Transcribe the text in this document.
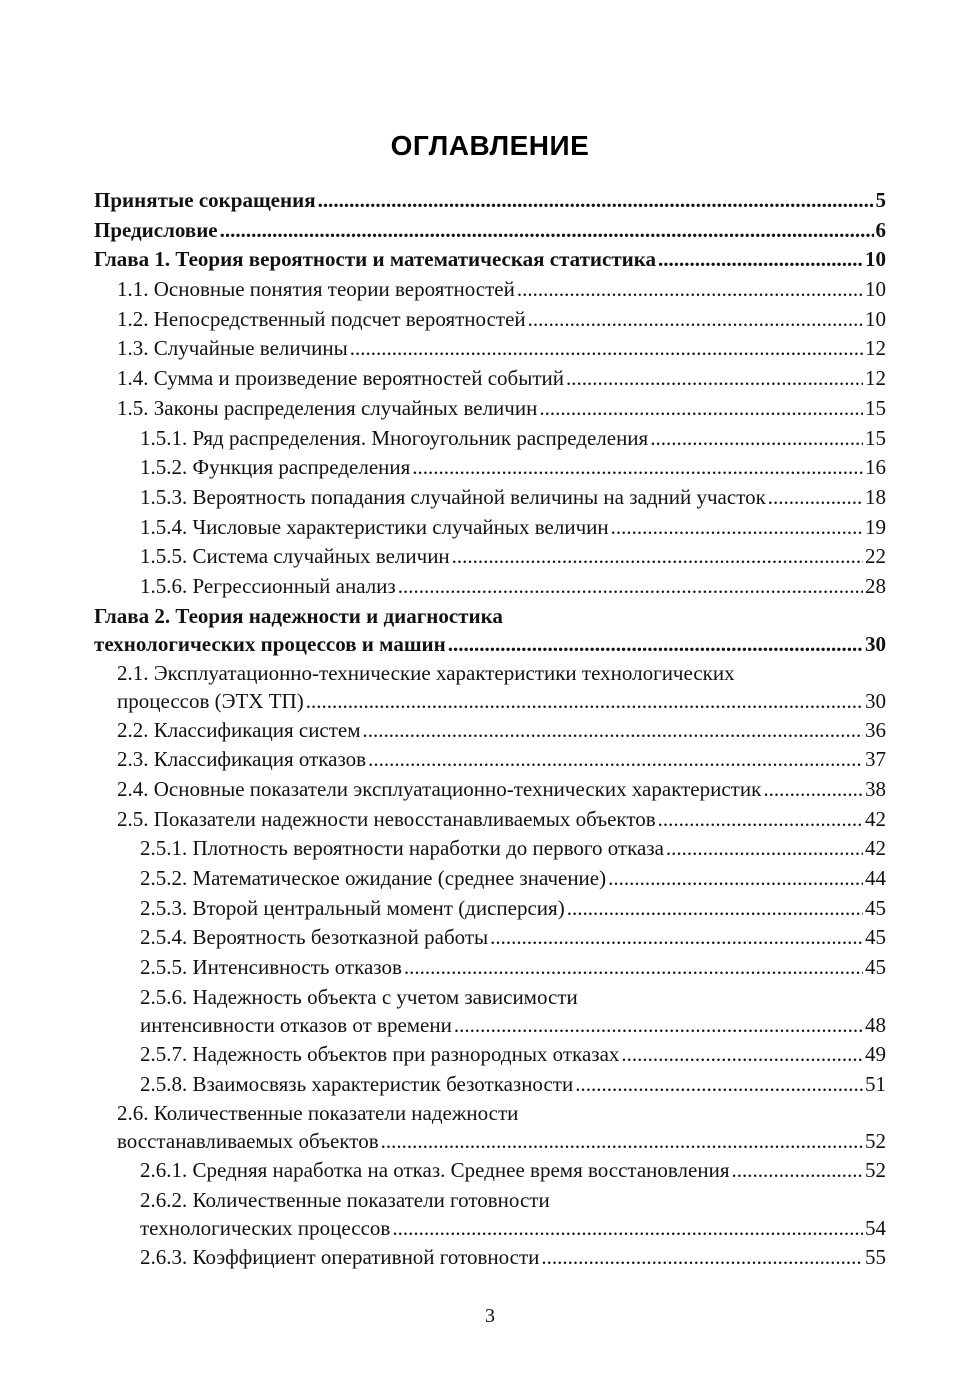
ОГЛАВЛЕНИЕ
Принятые сокращения .....	5
Предисловие .....	6
Глава 1. Теория вероятности и математическая статистика .....	10
1.1. Основные понятия теории вероятностей .....	10
1.2. Непосредственный подсчет вероятностей .....	10
1.3. Случайные величины .....	12
1.4. Сумма и произведение вероятностей событий .....	12
1.5. Законы распределения случайных величин .....	15
1.5.1. Ряд распределения. Многоугольник распределения .....	15
1.5.2. Функция распределения .....	16
1.5.3. Вероятность попадания случайной величины на задний участок .....	18
1.5.4. Числовые характеристики случайных величин .....	19
1.5.5. Система случайных величин .....	22
1.5.6. Регрессионный анализ .....	28
Глава 2. Теория надежности и диагностика
технологических процессов и машин .....	30
2.1. Эксплуатационно-технические характеристики технологических
процессов (ЭТХ ТП) .....	30
2.2. Классификация систем .....	36
2.3. Классификация отказов .....	37
2.4. Основные показатели эксплуатационно-технических характеристик .....	38
2.5. Показатели надежности невосстанавливаемых объектов .....	42
2.5.1. Плотность вероятности наработки до первого отказа .....	42
2.5.2. Математическое ожидание (среднее значение) .....	44
2.5.3. Второй центральный момент (дисперсия) .....	45
2.5.4. Вероятность безотказной работы .....	45
2.5.5. Интенсивность отказов .....	45
2.5.6. Надежность объекта с учетом зависимости
интенсивности отказов от времени .....	48
2.5.7. Надежность объектов при разнородных отказах .....	49
2.5.8. Взаимосвязь характеристик безотказности .....	51
2.6. Количественные показатели надежности
восстанавливаемых объектов .....	52
2.6.1. Средняя наработка на отказ. Среднее время восстановления .....	52
2.6.2. Количественные показатели готовности
технологических процессов .....	54
2.6.3. Коэффициент оперативной готовности .....	55
3
